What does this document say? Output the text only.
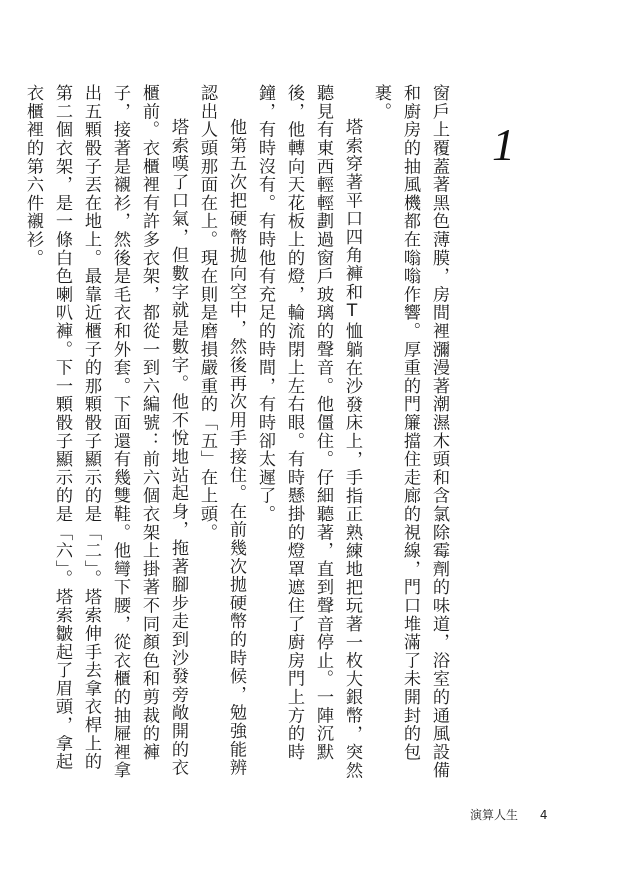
1

窗戶上覆蓋著黑色薄膜，房間裡瀰漫著潮濕木頭和含氯除霉劑的味道，浴室的通風設備和廚房的抽風機都在嗡嗡作響。厚重的門簾擋住走廊的視線，門口堆滿了未開封的包裹。

塔索穿著平口四角褲和T恤躺在沙發床上，手指正熟練地把玩著一枚大銀幣，突然聽見有東西輕輕劃過窗戶玻璃的聲音。他僵住。仔細聽著，直到聲音停止。一陣沉默後，他轉向天花板上的燈，輪流閉上左右眼。有時懸掛的燈罩遮住了廚房門上方的時鐘，有時沒有。有時他有充足的時間，有時卻太遲了。

他第五次把硬幣拋向空中，然後再次用手接住。在前幾次拋硬幣的時候，勉強能辨認出人頭那面在上。現在則是磨損嚴重的「五」在上頭。

塔索嘆了口氣，但數字就是數字。他不悅地站起身，拖著腳步走到沙發旁敞開的衣櫃前。衣櫃裡有許多衣架，都從一到六編號：前六個衣架上掛著不同顏色和剪裁的褲子，接著是襯衫，然後是毛衣和外套。下面還有幾雙鞋。他彎下腰，從衣櫃的抽屜裡拿出五顆骰子丟在地上。最靠近櫃子的那顆骰子顯示的是「二」。塔索伸手去拿衣桿上的第二個衣架，是一條白色喇叭褲。下一顆骰子顯示的是「六」。塔索皺起了眉頭，拿起衣櫃裡的第六件襯衫。

演算人生 4
